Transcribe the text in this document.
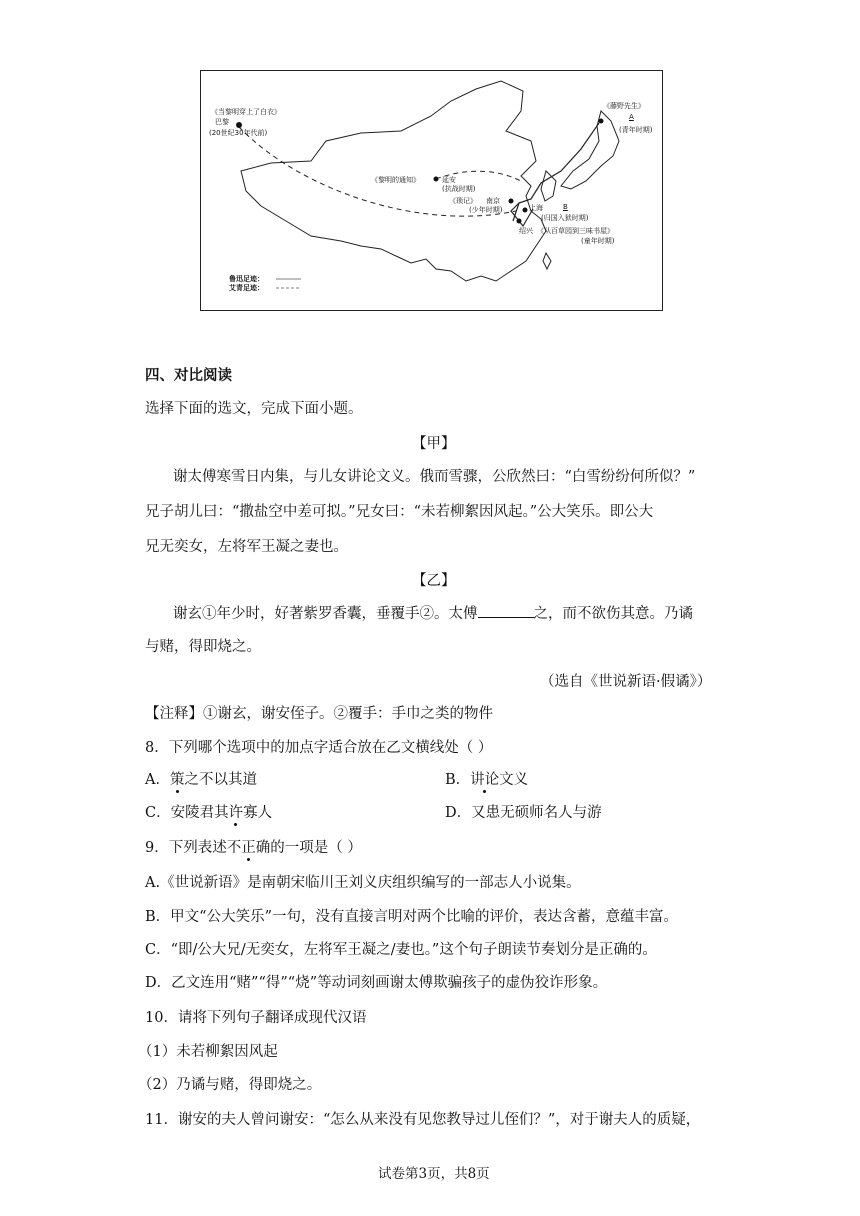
《当黎明穿上了白衣》
巴黎
(20世纪30年代前)
《藤野先生》
A
(青年时期)
《黎明的通知》	延安
(抗战时期)
《琐记》 南京
(少年时期)	上海	B
(归国入狱时期)
绍兴 《从百草园到三味书屋》
(童年时期)
鲁迅足迹：
艾青足迹：
四、对比阅读
选择下面的选文，完成下面小题。
【甲】
谢太傅寒雪日内集，与儿女讲论文义。俄而雪骤，公欣然曰：“白雪纷纷何所似？”
兄子胡儿曰：“撒盐空中差可拟。”兄女曰：“未若柳絮因风起。”公大笑乐。即公大
兄无奕女，左将军王凝之妻也。
【乙】
谢玄①年少时，好著紫罗香囊，垂覆手②。太傅	之，而不欲伤其意。乃谲
与赌，得即烧之。
（选自《世说新语·假谲》）
【注释】①谢玄，谢安侄子。②覆手：手巾之类的物件
8．下列哪个选项中的加点字适合放在乙文横线处（ ）
A．策之不以其道	B．讲论文义
C．安陵君其许寡人	D．又患无硕师名人与游
9．下列表述不正确的一项是（ ）
A.《世说新语》是南朝宋临川王刘义庆组织编写的一部志人小说集。
B．甲文“公大笑乐”一句，没有直接言明对两个比喻的评价，表达含蓄，意蕴丰富。
C．“即/公大兄/无奕女，左将军王凝之/妻也。”这个句子朗读节奏划分是正确的。
D．乙文连用“赌”“得”“烧”等动词刻画谢太傅欺骗孩子的虚伪狡诈形象。
10．请将下列句子翻译成现代汉语
（1）未若柳絮因风起
（2）乃谲与赌，得即烧之。
11．谢安的夫人曾问谢安：“怎么从来没有见您教导过儿侄们？”，对于谢夫人的质疑，
试卷第3页，共8页
